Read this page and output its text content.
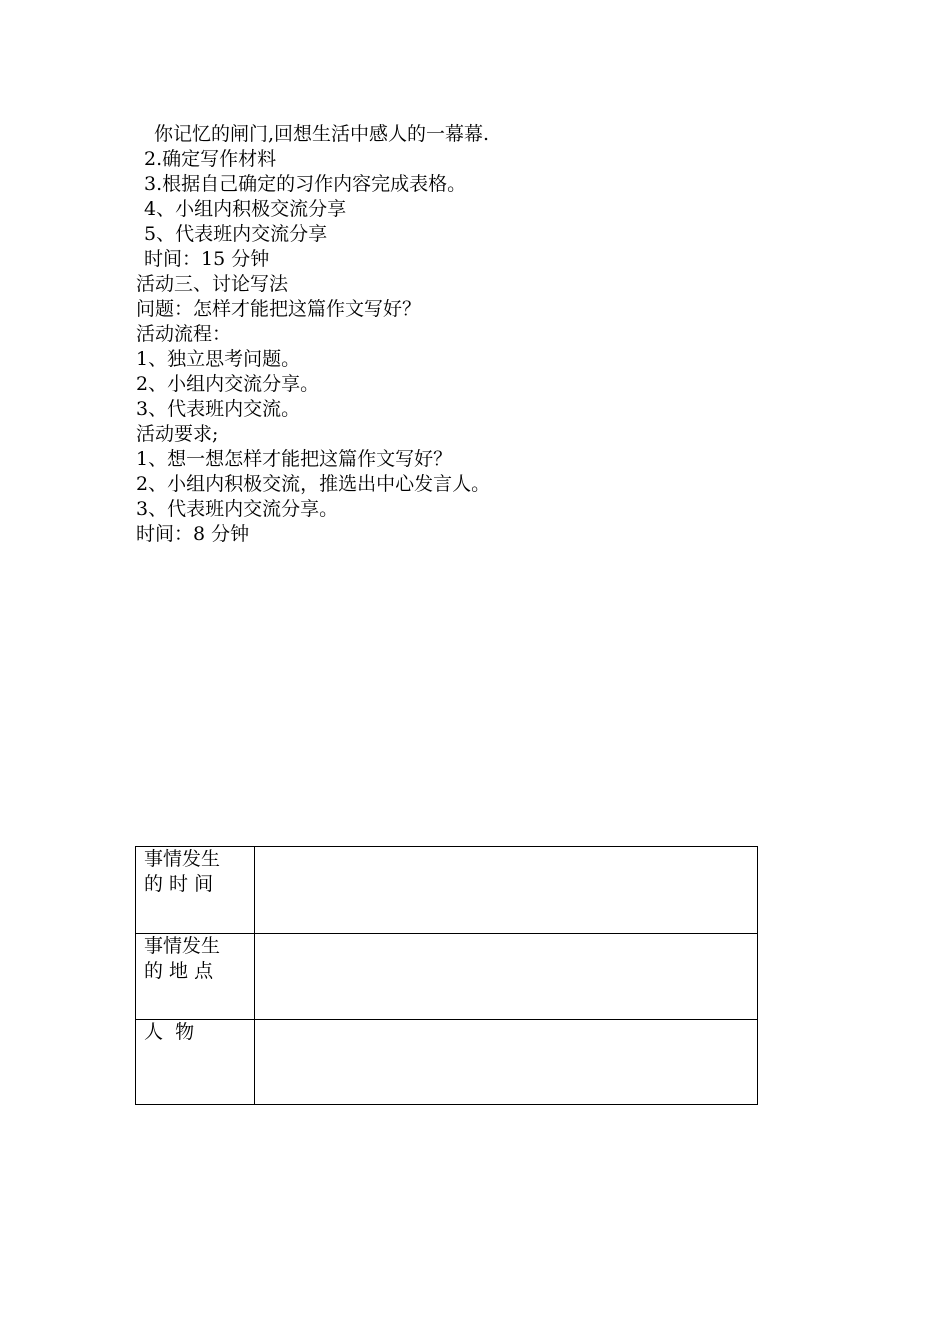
你记忆的闸门,回想生活中感人的一幕幕.
2.确定写作材料
3.根据自己确定的习作内容完成表格。
4、小组内积极交流分享
5、代表班内交流分享
时间：15 分钟
活动三、讨论写法
问题：怎样才能把这篇作文写好？
活动流程：
1、独立思考问题。
2、小组内交流分享。
3、代表班内交流。
活动要求;
1、想一想怎样才能把这篇作文写好？
2、小组内积极交流，推选出中心发言人。
3、代表班内交流分享。
时间：8 分钟
事情发生
的 时 间	

事情发生
的 地 点	

人  物	
